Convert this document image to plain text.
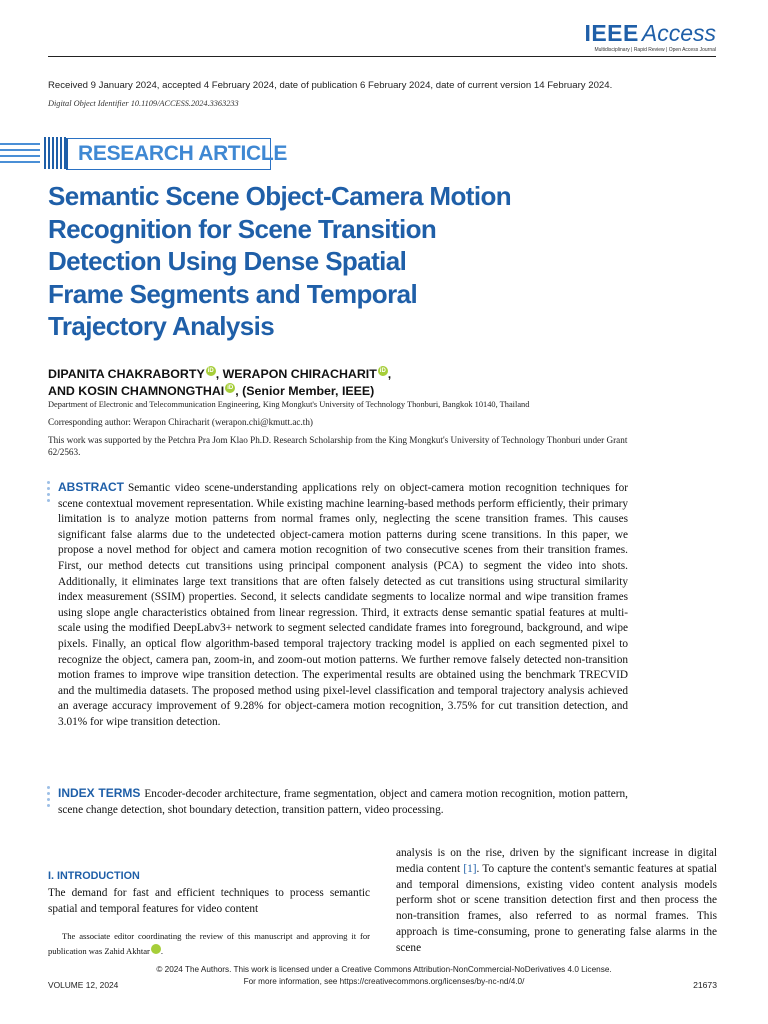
IEEE Access
Multidisciplinary | Rapid Review | Open Access Journal
Received 9 January 2024, accepted 4 February 2024, date of publication 6 February 2024, date of current version 14 February 2024.
Digital Object Identifier 10.1109/ACCESS.2024.3363233
RESEARCH ARTICLE
Semantic Scene Object-Camera Motion
Recognition for Scene Transition
Detection Using Dense Spatial
Frame Segments and Temporal
Trajectory Analysis
DIPANITA CHAKRABORTY iD , WERAPON CHIRACHARIT iD ,
AND KOSIN CHAMNONGTHAI iD , (Senior Member, IEEE)
Department of Electronic and Telecommunication Engineering, King Mongkut's University of Technology Thonburi, Bangkok 10140, Thailand
Corresponding author: Werapon Chiracharit (werapon.chi@kmutt.ac.th)
This work was supported by the Petchra Pra Jom Klao Ph.D. Research Scholarship from the King Mongkut's University of Technology Thonburi under Grant 62/2563.
ABSTRACT Semantic video scene-understanding applications rely on object-camera motion recognition techniques for scene contextual movement representation. While existing machine learning-based methods perform efficiently, their primary limitation is to analyze motion patterns from normal frames only, neglecting the scene transition frames. This causes significant false alarms due to the undetected object-camera motion patterns during scene transitions. In this paper, we propose a novel method for object and camera motion recognition of two consecutive scenes from their transition frames. First, our method detects cut transitions using principal component analysis (PCA) to segment the video into shots. Additionally, it eliminates large text transitions that are often falsely detected as cut transitions using structural similarity index measurement (SSIM) properties. Second, it selects candidate segments to localize normal and wipe transition frames using slope angle characteristics obtained from linear regression. Third, it extracts dense semantic spatial features at multi-scale using the modified DeepLabv3+ network to segment selected candidate frames into foreground, background, and wipe pixels. Finally, an optical flow algorithm-based temporal trajectory tracking model is applied on each segmented pixel to recognize the object, camera pan, zoom-in, and zoom-out motion patterns. We further remove falsely detected non-transition motion frames to improve wipe transition detection. The experimental results are obtained using the benchmark TRECVID and the multimedia datasets. The proposed method using pixel-level classification and temporal trajectory analysis achieved an average accuracy improvement of 9.28% for object-camera motion recognition, 3.75% for cut transition detection, and 3.01% for wipe transition detection.
INDEX TERMS Encoder-decoder architecture, frame segmentation, object and camera motion recognition, motion pattern, scene change detection, shot boundary detection, transition pattern, video processing.
I. INTRODUCTION
The demand for fast and efficient techniques to process semantic spatial and temporal features for video content
The associate editor coordinating the review of this manuscript and approving it for publication was Zahid Akhtar	iD.
analysis is on the rise, driven by the significant increase in digital media content [1]. To capture the content's semantic features at spatial and temporal dimensions, existing video content analysis models perform shot or scene transition detection first and then process the non-transition frames, also referred to as normal frames. This approach is time-consuming, prone to generating false alarms in the scene
© 2024 The Authors. This work is licensed under a Creative Commons Attribution-NonCommercial-NoDerivatives 4.0 License.
For more information, see https://creativecommons.org/licenses/by-nc-nd/4.0/
VOLUME 12, 2024	21673
